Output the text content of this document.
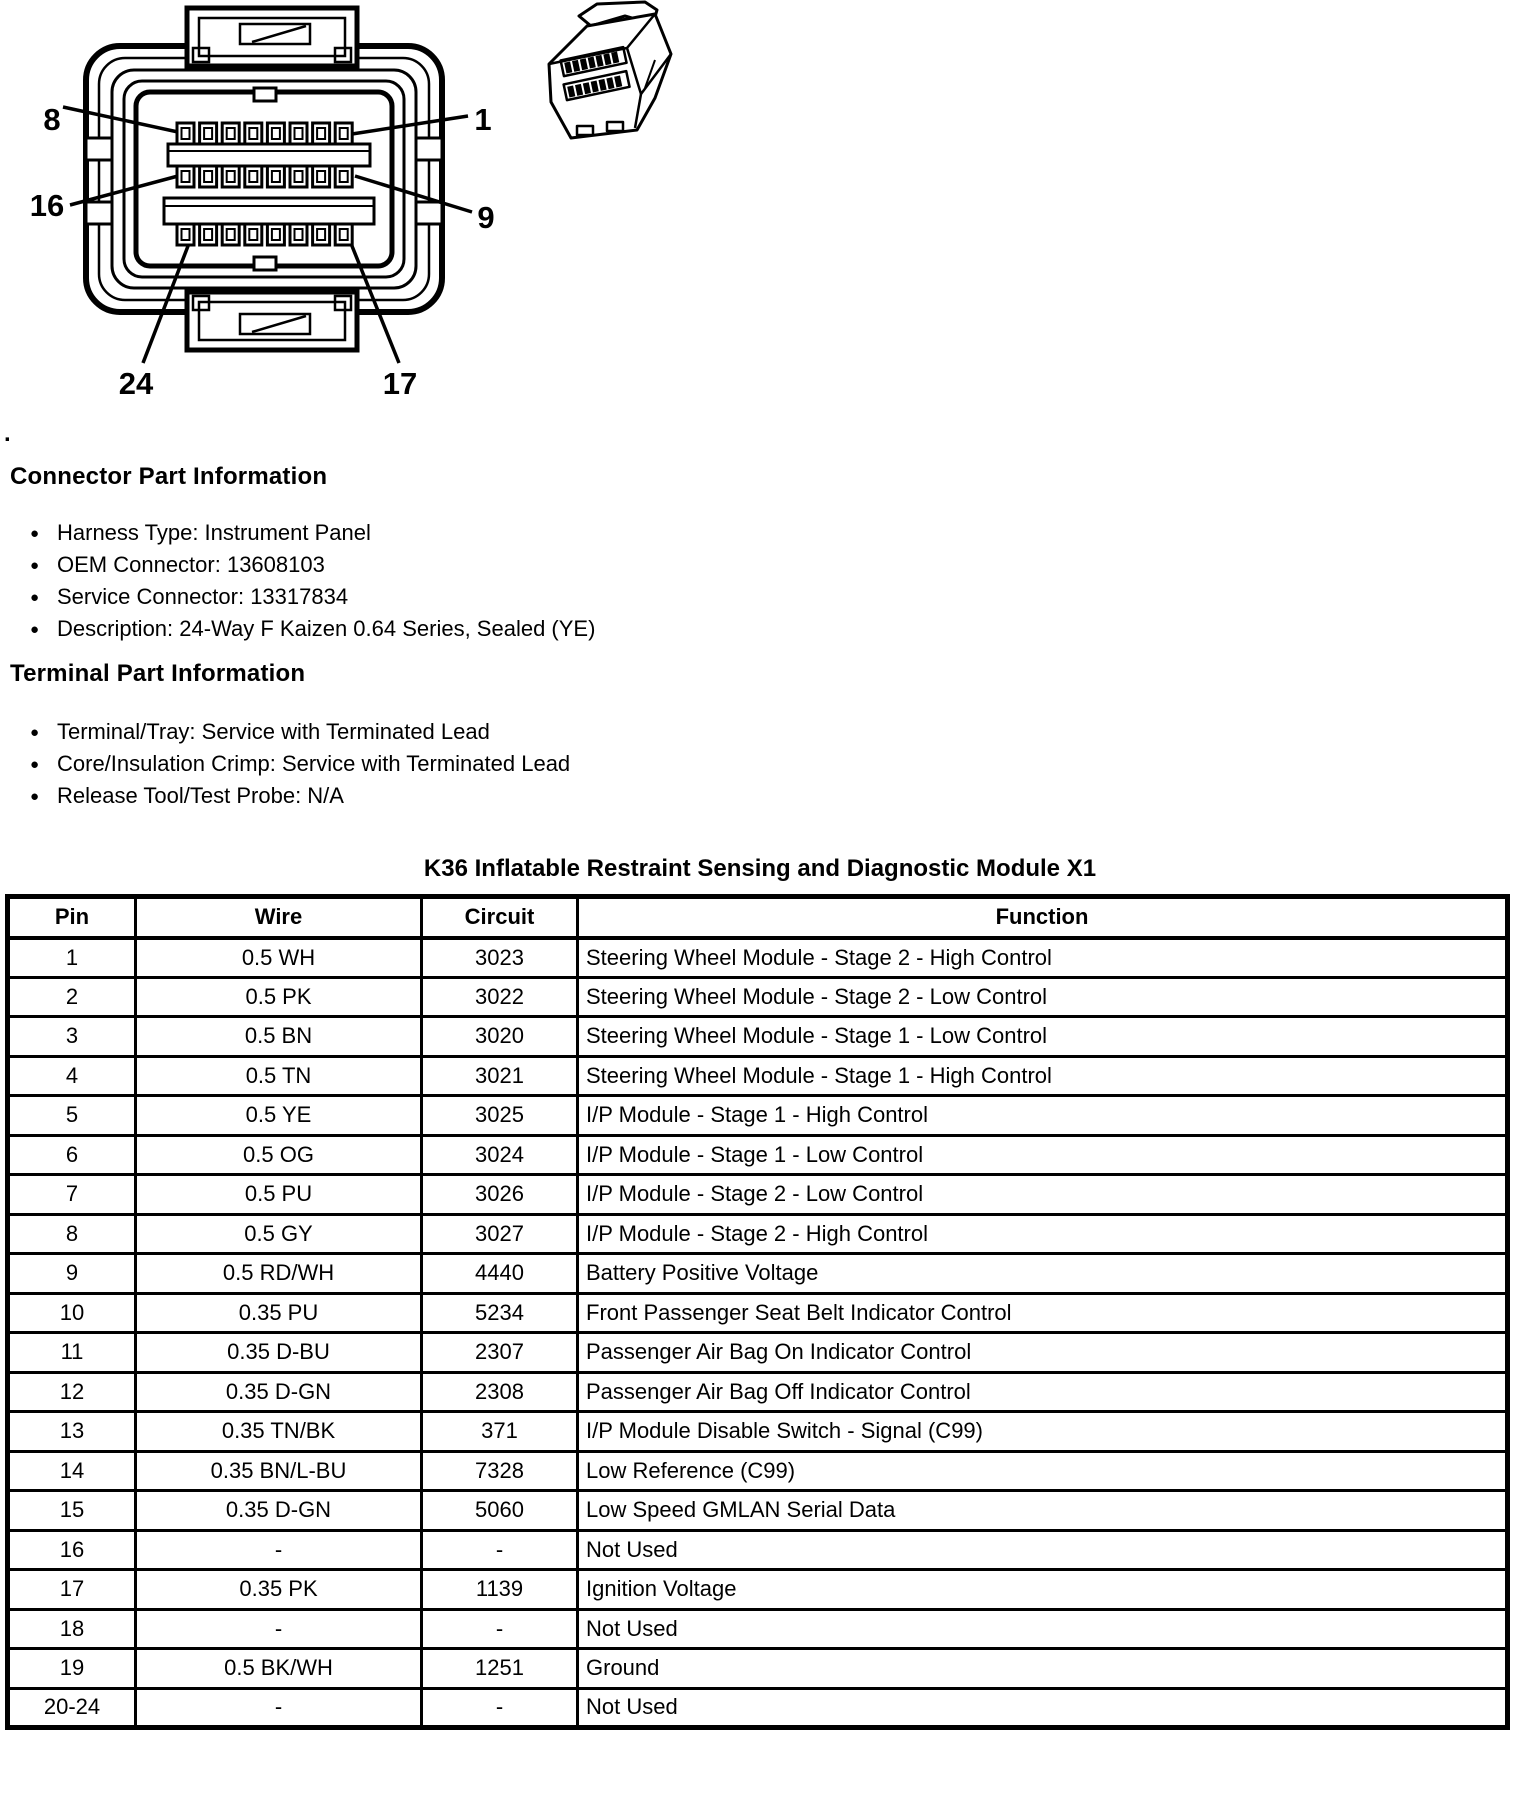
8	1
16	9
24	17
.
Connector Part Information
● Harness Type: Instrument Panel
● OEM Connector: 13608103
● Service Connector: 13317834
● Description: 24-Way F Kaizen 0.64 Series, Sealed (YE)
Terminal Part Information
● Terminal/Tray: Service with Terminated Lead
● Core/Insulation Crimp: Service with Terminated Lead
● Release Tool/Test Probe: N/A
K36 Inflatable Restraint Sensing and Diagnostic Module X1
Pin	Wire	Circuit	Function
1	0.5 WH	3023	Steering Wheel Module - Stage 2 - High Control
2	0.5 PK	3022	Steering Wheel Module - Stage 2 - Low Control
3	0.5 BN	3020	Steering Wheel Module - Stage 1 - Low Control
4	0.5 TN	3021	Steering Wheel Module - Stage 1 - High Control
5	0.5 YE	3025	I/P Module - Stage 1 - High Control
6	0.5 OG	3024	I/P Module - Stage 1 - Low Control
7	0.5 PU	3026	I/P Module - Stage 2 - Low Control
8	0.5 GY	3027	I/P Module - Stage 2 - High Control
9	0.5 RD/WH	4440	Battery Positive Voltage
10	0.35 PU	5234	Front Passenger Seat Belt Indicator Control
11	0.35 D-BU	2307	Passenger Air Bag On Indicator Control
12	0.35 D-GN	2308	Passenger Air Bag Off Indicator Control
13	0.35 TN/BK	371	I/P Module Disable Switch - Signal (C99)
14	0.35 BN/L-BU	7328	Low Reference (C99)
15	0.35 D-GN	5060	Low Speed GMLAN Serial Data
16	-	-	Not Used
17	0.35 PK	1139	Ignition Voltage
18	-	-	Not Used
19	0.5 BK/WH	1251	Ground
20-24	-	-	Not Used
